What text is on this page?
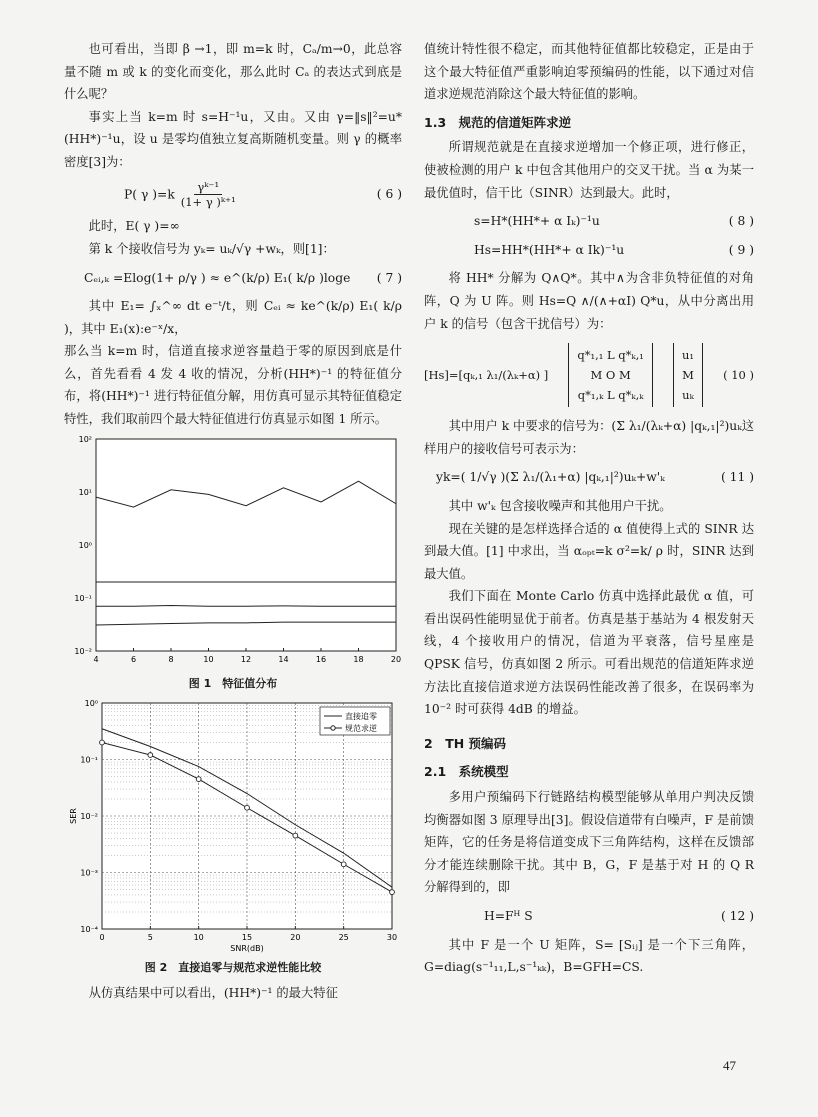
也可看出，当即 β →1，即 m=k 时，Cₐ/m→0，此总容量不随 m 或 k 的变化而变化，那么此时 Cₐ 的表达式到底是什么呢？

事实上当 k=m 时 s=H⁻¹u，又由。又由 γ=‖s‖²=u*(HH*)⁻¹u，设 u 是零均值独立复高斯随机变量。则 γ 的概率密度[3]为：

P( γ )$=k \frac{\text{γᵏ⁻¹}}{\text{(1+ γ )ᵏ⁺¹}}$	( 6 )

此时，E( γ )=∞

第 k 个接收信号为 yₖ= uₖ/√γ +wₖ，则[1]：

Cₑᵢ,ₖ =Elog(1+ ρ/γ ) ≈ e^(k/ρ) E₁( k/ρ )loge	( 7 )

其中 E₁= ∫ₓ^∞ dt e⁻ᵗ/t，则 Cₑᵢ ≈ ke^(k/ρ) E₁( k/ρ )，其中 E₁(x):e⁻ˣ/x，

那么当 k=m 时，信道直接求逆容量趋于零的原因到底是什么，首先看看 4 发 4 收的情况，分析(HH*)⁻¹ 的特征值分布，将(HH*)⁻¹ 进行特征值分解，用仿真可显示其特征值稳定特性，我们取前四个最大特征值进行仿真显示如图 1 所示。

10⁻²
10⁻¹
10⁰
10¹
10²
4	6	8	10	12	14	16	18	20
图 1　特征值分布
10⁻⁴
10⁻³
10⁻²
10⁻¹
10⁰
0	5	10	15	20	25	30
SNR(dB)
SER
直接追零
规范求逆
图 2　直接追零与规范求逆性能比较

从仿真结果中可以看出，(HH*)⁻¹ 的最大特征

值统计特性很不稳定，而其他特征值都比较稳定，正是由于这个最大特征值严重影响迫零预编码的性能，以下通过对信道求逆规范消除这个最大特征值的影响。

1.3　规范的信道矩阵求逆

所谓规范就是在直接求逆增加一个修正项，进行修正，使被检测的用户 k 中包含其他用户的交叉干扰。当 α 为某一最优值时，信干比（SINR）达到最大。此时，

s=H*(HH*+ α Iₖ)⁻¹u	( 8 )
Hs=HH*(HH*+ α Ik)⁻¹u	( 9 )

将 HH* 分解为 Q∧Q*。其中∧为含非负特征值的对角阵，Q 为 U 阵。则 Hs=Q ∧/(∧+αI) Q*u，从中分离出用户 k 的信号（包含干扰信号）为：

[Hs]=[qₖ,₁ λ₁/(λₖ+α) ]
q*₁,₁ L q*ₖ,₁
M O M
q*₁,ₖ L q*ₖ,ₖ
u₁
M
uₖ
( 10 )

其中用户 k 中要求的信号为：(Σ λ₁/(λₖ+α) |qₖ,₁|²)uₖ这样用户的接收信号可表示为：

yk=( 1/√γ )(Σ λ₁/(λ₁+α) |qₖ,₁|²)uₖ+w'ₖ	( 11 )

其中 w'ₖ 包含接收噪声和其他用户干扰。

现在关键的是怎样选择合适的 α 值使得上式的 SINR 达到最大值。[1] 中求出，当 αₒₚₜ=k σ²=k/ ρ 时，SINR 达到最大值。

我们下面在 Monte Carlo 仿真中选择此最优 α 值，可看出误码性能明显优于前者。仿真是基于基站为 4 根发射天线，4 个接收用户的情况，信道为平衰落，信号星座是 QPSK 信号，仿真如图 2 所示。可看出规范的信道矩阵求逆方法比直接信道求逆方法误码性能改善了很多，在误码率为 10⁻² 时可获得 4dB 的增益。

2　TH 预编码
2.1　系统模型

多用户预编码下行链路结构模型能够从单用户判决反馈均衡器如图 3 原理导出[3]。假设信道带有白噪声，F 是前馈矩阵，它的任务是将信道变成下三角阵结构，这样在反馈部分才能连续删除干扰。其中 B，G，F 是基于对 H 的 Q R 分解得到的，即

H=Fᴴ S	( 12 )

其中 F 是一个 U 矩阵，S= [Sᵢⱼ] 是一个下三角阵，G=diag(s⁻¹₁₁,L,s⁻¹ₖₖ)，B=GFH=CS.

47
